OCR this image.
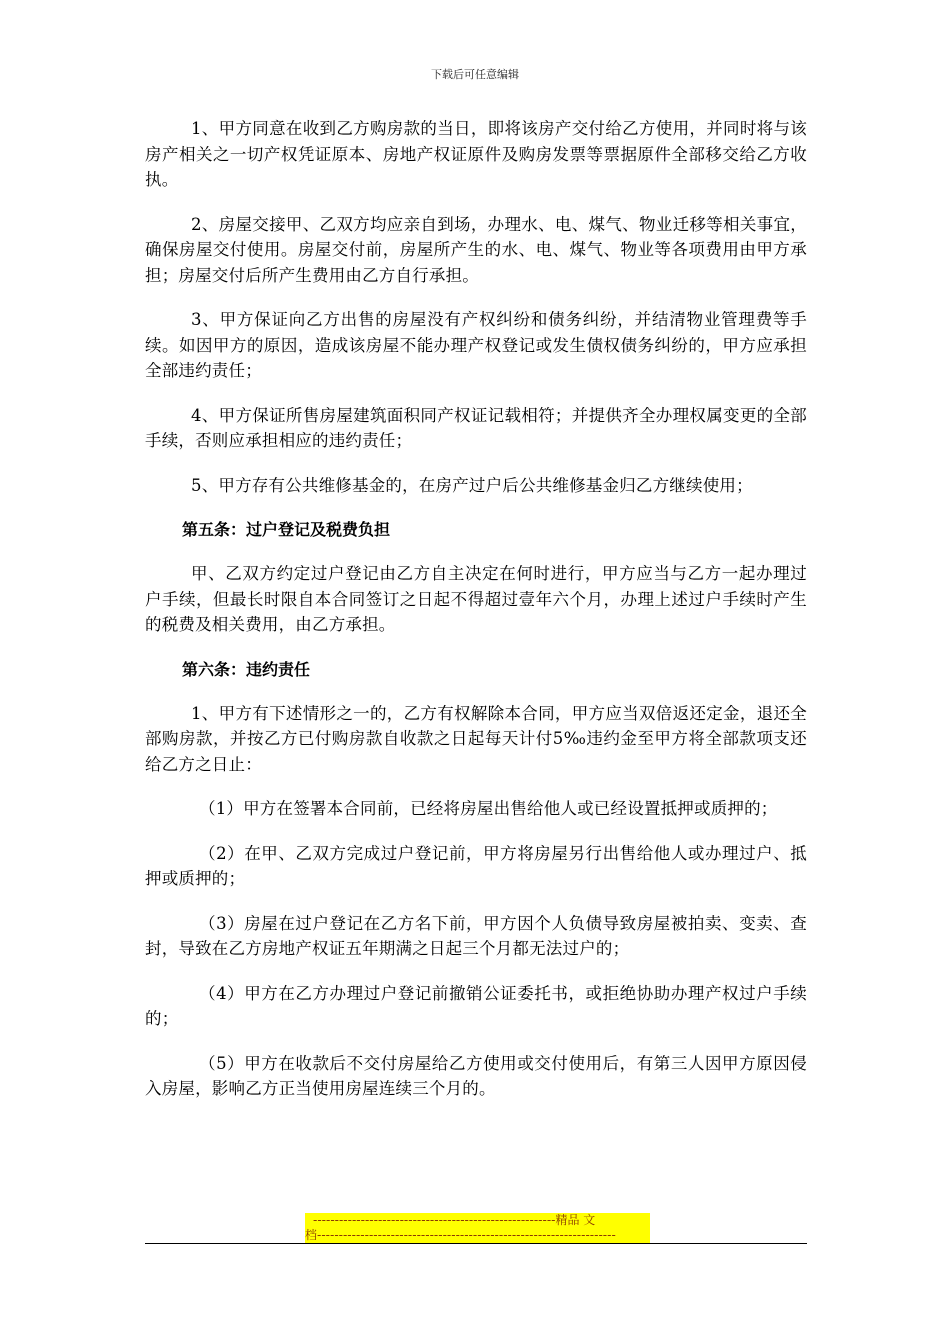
下载后可任意编辑

1、甲方同意在收到乙方购房款的当日，即将该房产交付给乙方使用，并同时将与该房产相关之一切产权凭证原本、房地产权证原件及购房发票等票据原件全部移交给乙方收执。

2、房屋交接甲、乙双方均应亲自到场，办理水、电、煤气、物业迁移等相关事宜，确保房屋交付使用。房屋交付前，房屋所产生的水、电、煤气、物业等各项费用由甲方承担；房屋交付后所产生费用由乙方自行承担。

3、甲方保证向乙方出售的房屋没有产权纠纷和债务纠纷，并结清物业管理费等手续。如因甲方的原因，造成该房屋不能办理产权登记或发生债权债务纠纷的，甲方应承担全部违约责任；

4、甲方保证所售房屋建筑面积同产权证记载相符；并提供齐全办理权属变更的全部手续，否则应承担相应的违约责任；

5、甲方存有公共维修基金的，在房产过户后公共维修基金归乙方继续使用；

第五条：过户登记及税费负担

甲、乙双方约定过户登记由乙方自主决定在何时进行，甲方应当与乙方一起办理过户手续，但最长时限自本合同签订之日起不得超过壹年六个月，办理上述过户手续时产生的税费及相关费用，由乙方承担。

第六条：违约责任

1、甲方有下述情形之一的，乙方有权解除本合同，甲方应当双倍返还定金，退还全部购房款，并按乙方已付购房款自收款之日起每天计付5‰违约金至甲方将全部款项支还给乙方之日止：

（1）甲方在签署本合同前，已经将房屋出售给他人或已经设置抵押或质押的；

（2）在甲、乙双方完成过户登记前，甲方将房屋另行出售给他人或办理过户、抵押或质押的；

（3）房屋在过户登记在乙方名下前，甲方因个人负债导致房屋被拍卖、变卖、查封，导致在乙方房地产权证五年期满之日起三个月都无法过户的；

（4）甲方在乙方办理过户登记前撤销公证委托书，或拒绝协助办理产权过户手续的；

（5）甲方在收款后不交付房屋给乙方使用或交付使用后，有第三人因甲方原因侵入房屋，影响乙方正当使用房屋连续三个月的。

--------------------------------------------------------精品 文
档---------------------------------------------------------------------
